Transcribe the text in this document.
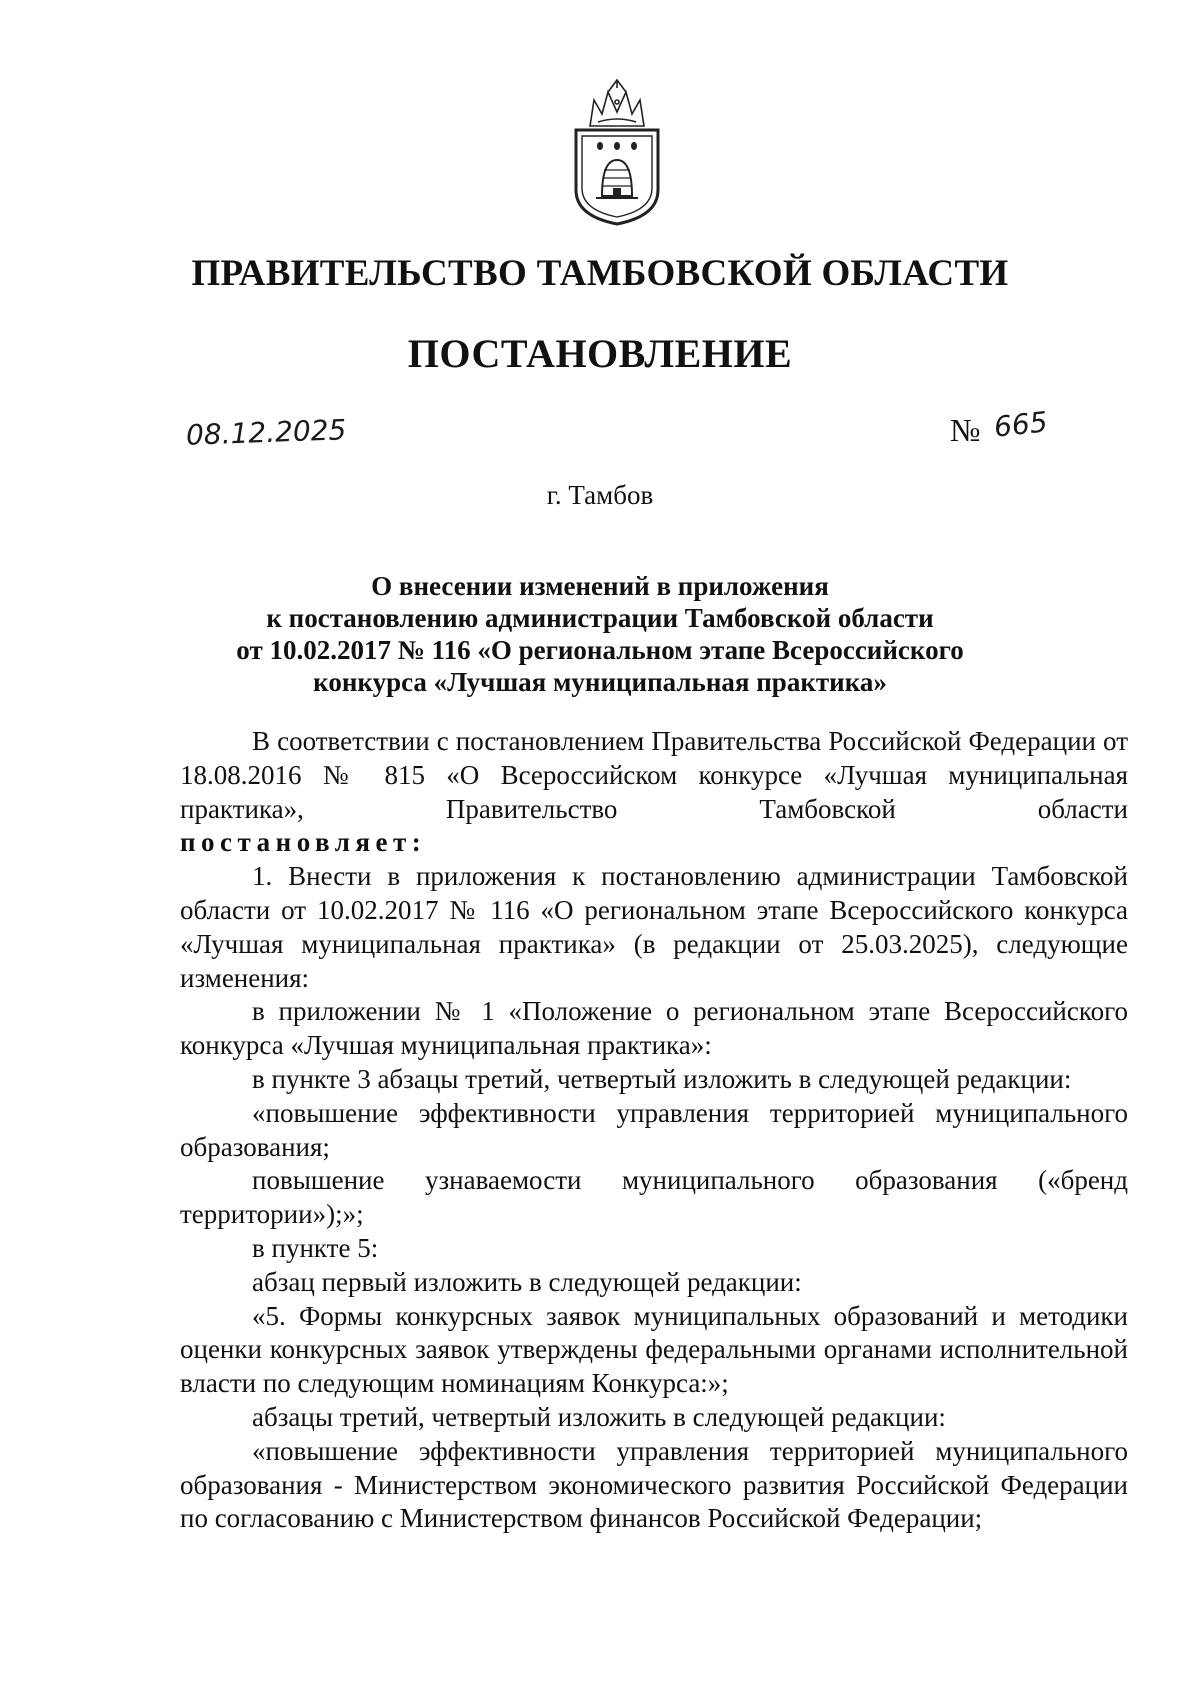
ПРАВИТЕЛЬСТВО ТАМБОВСКОЙ ОБЛАСТИ
ПОСТАНОВЛЕНИЕ
08.12.2025	№ 665
г. Тамбов
О внесении изменений в приложения
к постановлению администрации Тамбовской области
от 10.02.2017 № 116 «О региональном этапе Всероссийского
конкурса «Лучшая муниципальная практика»

В соответствии с постановлением Правительства Российской Федерации от 18.08.2016 № 815 «О Всероссийском конкурсе «Лучшая муниципальная практика», Правительство Тамбовской области

постановляет:

1. Внести в приложения к постановлению администрации Тамбовской области от 10.02.2017 № 116 «О региональном этапе Всероссийского конкурса «Лучшая муниципальная практика» (в редакции от 25.03.2025), следующие изменения:

в приложении № 1 «Положение о региональном этапе Всероссийского конкурса «Лучшая муниципальная практика»:

в пункте 3 абзацы третий, четвертый изложить в следующей редакции:

«повышение эффективности управления территорией муниципального образования;

повышение узнаваемости муниципального образования («бренд территории»);»;

в пункте 5:

абзац первый изложить в следующей редакции:

«5. Формы конкурсных заявок муниципальных образований и методики оценки конкурсных заявок утверждены федеральными органами исполнительной власти по следующим номинациям Конкурса:»;

абзацы третий, четвертый изложить в следующей редакции:

«повышение эффективности управления территорией муниципального образования - Министерством экономического развития Российской Федерации по согласованию с Министерством финансов Российской Федерации;
